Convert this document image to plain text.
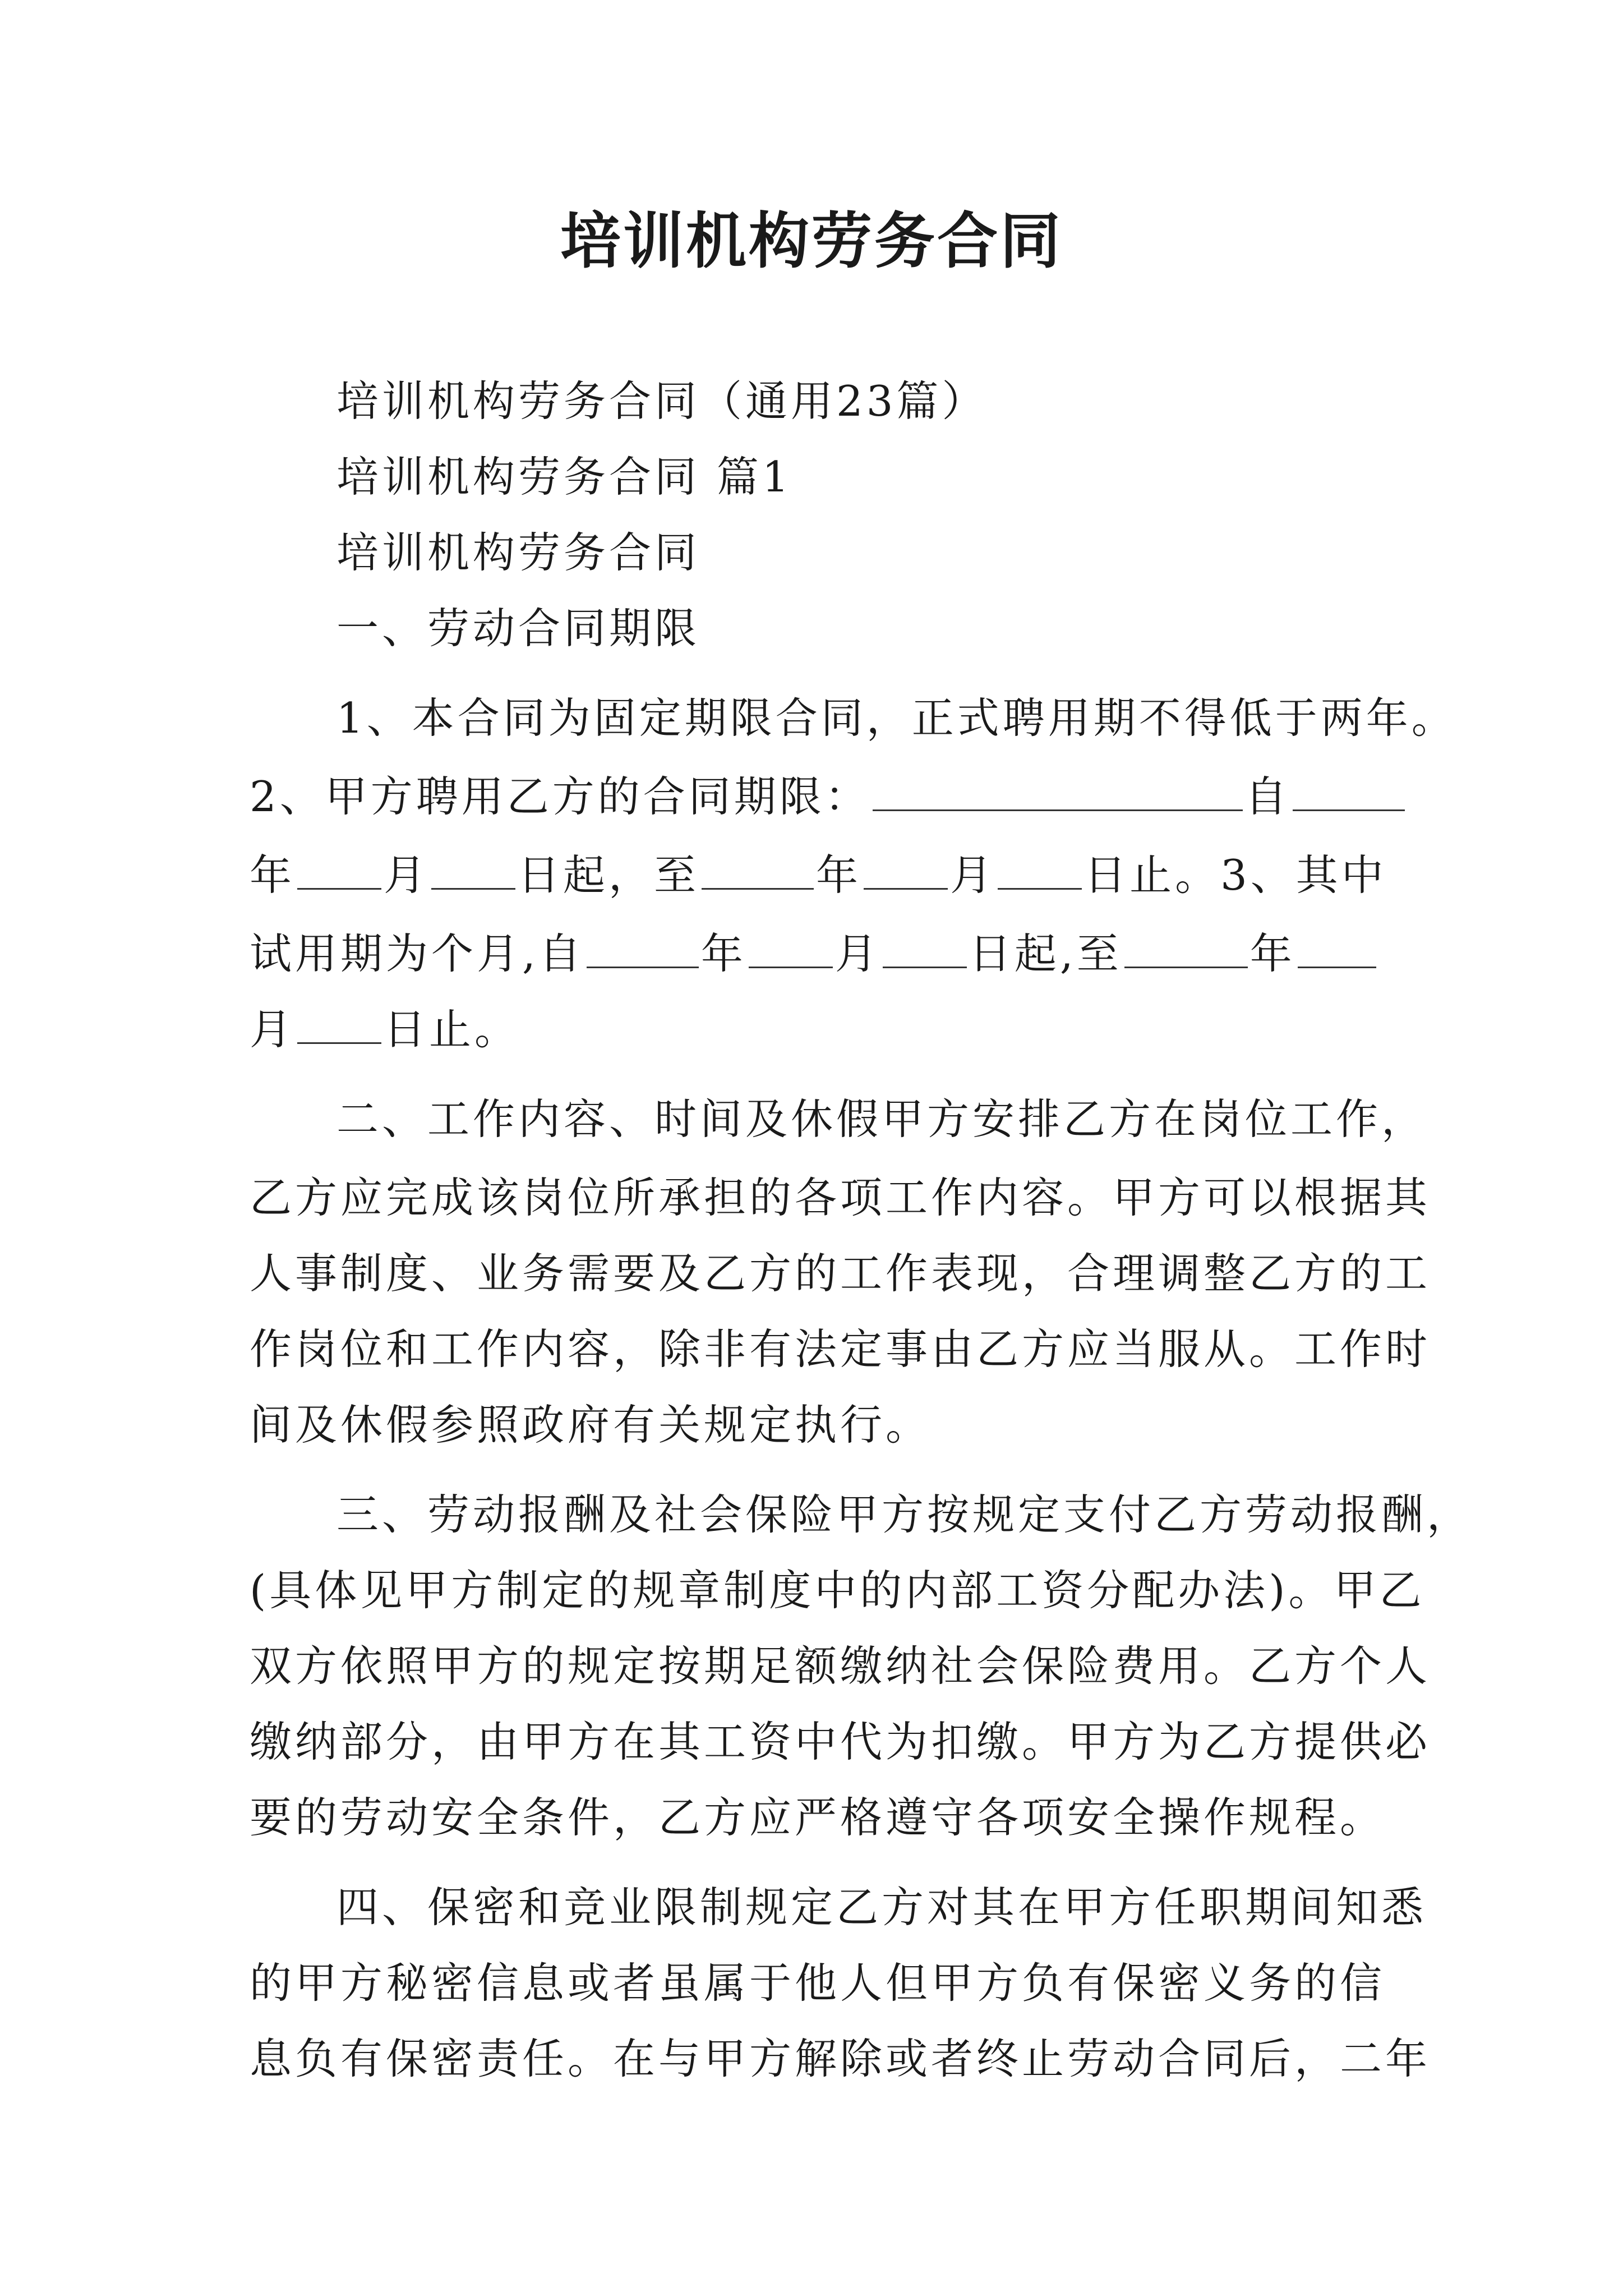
培训机构劳务合同
培训机构劳务合同（通用23篇）
培训机构劳务合同 篇1
培训机构劳务合同
一、劳动合同期限
1、本合同为固定期限合同，正式聘用期不得低于两年。
2、甲方聘用乙方的合同期限：	自
年 月 日起，至	年 月 日止。3、其中
试用期为个月,自	年 月 日起,至	年
月 日止。
二、工作内容、时间及休假甲方安排乙方在岗位工作，
乙方应完成该岗位所承担的各项工作内容。甲方可以根据其
人事制度、业务需要及乙方的工作表现，合理调整乙方的工
作岗位和工作内容，除非有法定事由乙方应当服从。工作时
间及休假参照政府有关规定执行。
三、劳动报酬及社会保险甲方按规定支付乙方劳动报酬，
(具体见甲方制定的规章制度中的内部工资分配办法)。甲乙
双方依照甲方的规定按期足额缴纳社会保险费用。乙方个人
缴纳部分，由甲方在其工资中代为扣缴。甲方为乙方提供必
要的劳动安全条件，乙方应严格遵守各项安全操作规程。
四、保密和竞业限制规定乙方对其在甲方任职期间知悉
的甲方秘密信息或者虽属于他人但甲方负有保密义务的信
息负有保密责任。在与甲方解除或者终止劳动合同后，二年
